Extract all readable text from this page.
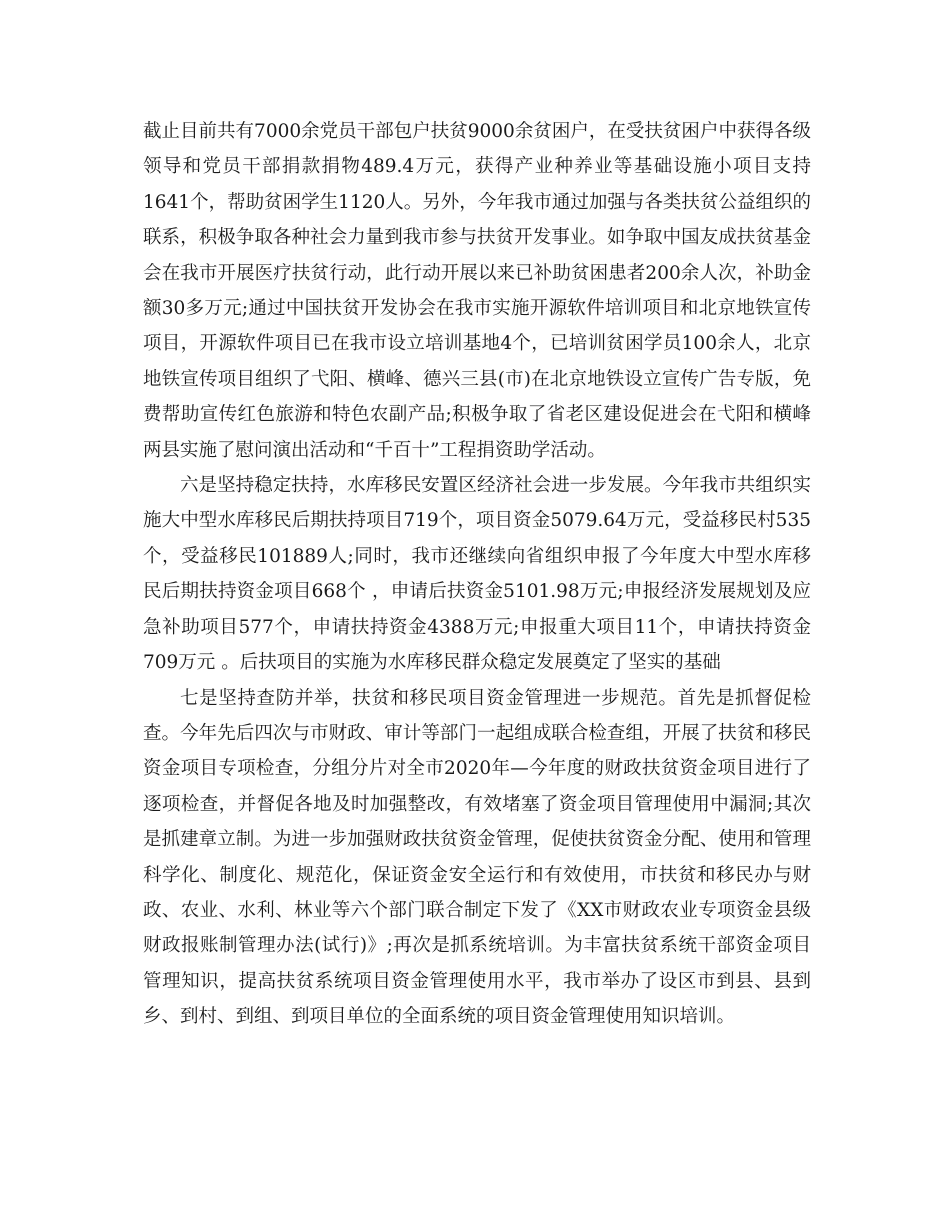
截止目前共有7000余党员干部包户扶贫9000余贫困户，在受扶贫困户中获得各级领导和党员干部捐款捐物489.4万元，获得产业种养业等基础设施小项目支持1641个，帮助贫困学生1120人。另外，今年我市通过加强与各类扶贫公益组织的联系，积极争取各种社会力量到我市参与扶贫开发事业。如争取中国友成扶贫基金会在我市开展医疗扶贫行动，此行动开展以来已补助贫困患者200余人次，补助金额30多万元;通过中国扶贫开发协会在我市实施开源软件培训项目和北京地铁宣传项目，开源软件项目已在我市设立培训基地4个，已培训贫困学员100余人，北京地铁宣传项目组织了弋阳、横峰、德兴三县(市)在北京地铁设立宣传广告专版，免费帮助宣传红色旅游和特色农副产品;积极争取了省老区建设促进会在弋阳和横峰两县实施了慰问演出活动和“千百十”工程捐资助学活动。

六是坚持稳定扶持，水库移民安置区经济社会进一步发展。今年我市共组织实施大中型水库移民后期扶持项目719个，项目资金5079.64万元，受益移民村535个，受益移民101889人;同时，我市还继续向省组织申报了今年度大中型水库移民后期扶持资金项目668个 ，申请后扶资金5101.98万元;申报经济发展规划及应急补助项目577个，申请扶持资金4388万元;申报重大项目11个，申请扶持资金709万元 。后扶项目的实施为水库移民群众稳定发展奠定了坚实的基础

七是坚持查防并举，扶贫和移民项目资金管理进一步规范。首先是抓督促检查。今年先后四次与市财政、审计等部门一起组成联合检查组，开展了扶贫和移民资金项目专项检查，分组分片对全市2020年—今年度的财政扶贫资金项目进行了逐项检查，并督促各地及时加强整改，有效堵塞了资金项目管理使用中漏洞;其次是抓建章立制。为进一步加强财政扶贫资金管理，促使扶贫资金分配、使用和管理科学化、制度化、规范化，保证资金安全运行和有效使用，市扶贫和移民办与财政、农业、水利、林业等六个部门联合制定下发了《XX市财政农业专项资金县级财政报账制管理办法(试行)》;再次是抓系统培训。为丰富扶贫系统干部资金项目管理知识，提高扶贫系统项目资金管理使用水平，我市举办了设区市到县、县到乡、到村、到组、到项目单位的全面系统的项目资金管理使用知识培训。
